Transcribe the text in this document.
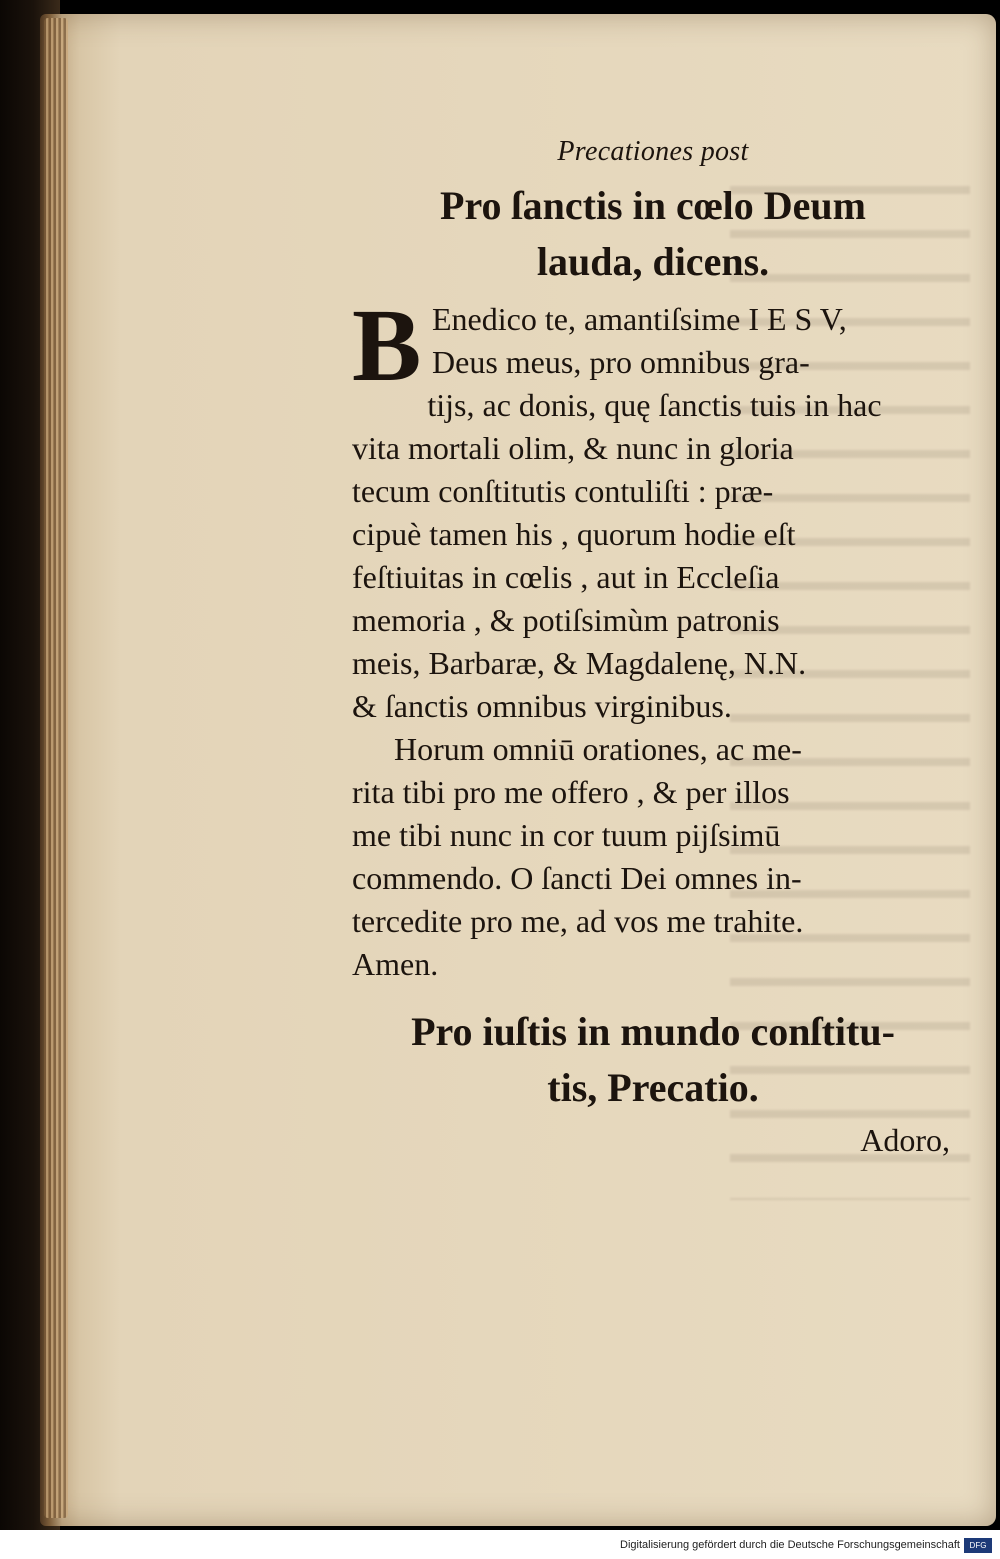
Precationes post
Pro ſanctis in cœlo Deum
lauda, dicens.
B Enedico te, amantiſsime I E S V,
Deus meus, pro omnibus gra-
tijs, ac donis, quę ſanctis tuis in hac
vita mortali olim, & nunc in gloria
tecum conſtitutis contuliſti : præ-
cipuè tamen his , quorum hodie eſt
feſtiuitas in cœlis , aut in Eccleſia
memoria , & potiſsimùm patronis
meis, Barbaræ, & Magdalenę, N.N.
& ſanctis omnibus virginibus.
Horum omniū orationes, ac me-
rita tibi pro me offero , & per illos
me tibi nunc in cor tuum pijſsimū
commendo. O ſancti Dei omnes in-
tercedite pro me, ad vos me trahite.
Amen.
Pro iuſtis in mundo conſtitu-
tis, Precatio.
Adoro,
Digitalisierung gefördert durch die Deutsche Forschungsgemeinschaft	DFG
